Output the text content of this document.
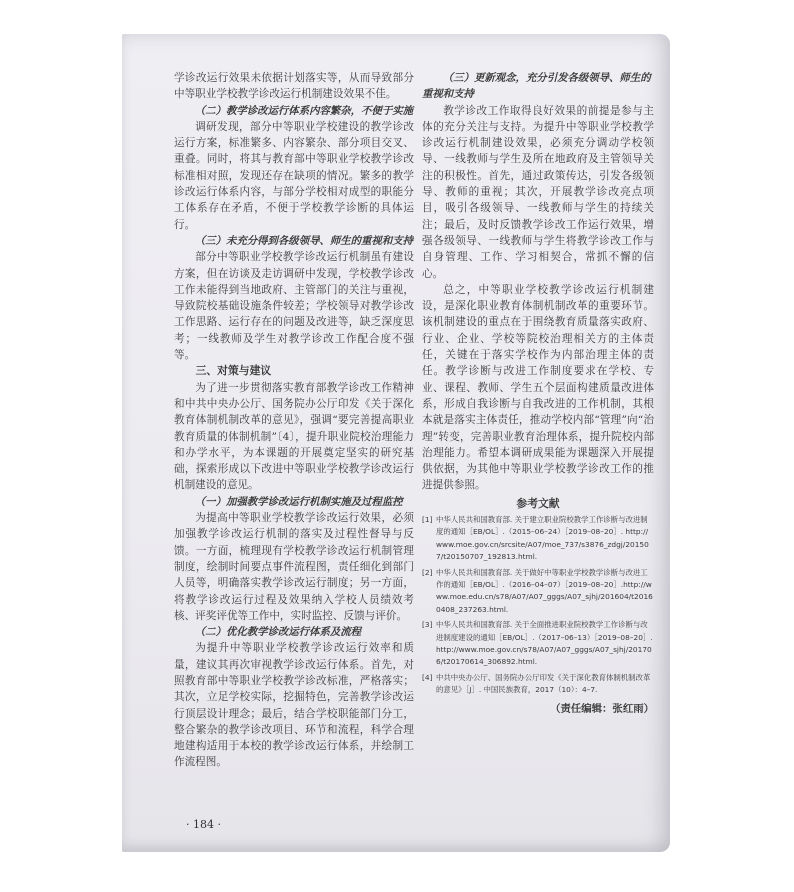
学诊改运行效果未依据计划落实等，从而导致部分中等职业学校教学诊改运行机制建设效果不佳。
（二）教学诊改运行体系内容繁杂，不便于实施
调研发现，部分中等职业学校建设的教学诊改运行方案，标准繁多、内容繁杂、部分项目交叉、重叠。同时，将其与教育部中等职业学校教学诊改标准相对照，发现还存在缺项的情况。繁多的教学诊改运行体系内容，与部分学校相对成型的职能分工体系存在矛盾，不便于学校教学诊断的具体运行。
（三）未充分得到各级领导、师生的重视和支持
部分中等职业学校教学诊改运行机制虽有建设方案，但在访谈及走访调研中发现，学校教学诊改工作未能得到当地政府、主管部门的关注与重视，导致院校基础设施条件较差；学校领导对教学诊改工作思路、运行存在的问题及改进等，缺乏深度思考；一线教师及学生对教学诊改工作配合度不强等。
三、对策与建议
为了进一步贯彻落实教育部教学诊改工作精神和中共中央办公厅、国务院办公厅印发《关于深化教育体制机制改革的意见》，强调“要完善提高职业教育质量的体制机制”〔4〕，提升职业院校治理能力和办学水平，为本课题的开展奠定坚实的研究基础，探索形成以下改进中等职业学校教学诊改运行机制建设的意见。
（一）加强教学诊改运行机制实施及过程监控
为提高中等职业学校教学诊改运行效果，必须加强教学诊改运行机制的落实及过程性督导与反馈。一方面，梳理现有学校教学诊改运行机制管理制度，绘制时间要点事件流程图，责任细化到部门人员等，明确落实教学诊改运行制度；另一方面，将教学诊改运行过程及效果纳入学校人员绩效考核、评奖评优等工作中，实时监控、反馈与评价。
（二）优化教学诊改运行体系及流程
为提升中等职业学校教学诊改运行效率和质量，建议其再次审视教学诊改运行体系。首先，对照教育部中等职业学校教学诊改标准，严格落实；其次，立足学校实际，挖掘特色，完善教学诊改运行顶层设计理念；最后，结合学校职能部门分工，整合繁杂的教学诊改项目、环节和流程，科学合理地建构适用于本校的教学诊改运行体系，并绘制工作流程图。
（三）更新观念，充分引发各级领导、师生的重视和支持
教学诊改工作取得良好效果的前提是参与主体的充分关注与支持。为提升中等职业学校教学诊改运行机制建设效果，必须充分调动学校领导、一线教师与学生及所在地政府及主管领导关注的积极性。首先，通过政策传达，引发各级领导、教师的重视；其次，开展教学诊改亮点项目，吸引各级领导、一线教师与学生的持续关注；最后，及时反馈教学诊改工作运行效果，增强各级领导、一线教师与学生将教学诊改工作与自身管理、工作、学习相契合，常抓不懈的信心。
总之，中等职业学校教学诊改运行机制建设，是深化职业教育体制机制改革的重要环节。该机制建设的重点在于围绕教育质量落实政府、行业、企业、学校等院校治理相关方的主体责任，关键在于落实学校作为内部治理主体的责任。教学诊断与改进工作制度要求在学校、专业、课程、教师、学生五个层面构建质量改进体系，形成自我诊断与自我改进的工作机制，其根本就是落实主体责任，推动学校内部“管理”向“治理”转变，完善职业教育治理体系，提升院校内部治理能力。希望本调研成果能为课题深入开展提供依据，为其他中等职业学校教学诊改工作的推进提供参照。
参考文献
[1] 中华人民共和国教育部. 关于建立职业院校教学工作诊断与改进制度的通知［EB/OL］.（2015–06–24）［2019–08–20］. http://www.moe.gov.cn/srcsite/A07/moe_737/s3876_zdgj/201507/t20150707_192813.html.
[2] 中华人民共和国教育部. 关于做好中等职业学校教学诊断与改进工作的通知［EB/OL］.（2016–04–07）［2019–08–20］.http://www.moe.edu.cn/s78/A07/A07_gggs/A07_sjhj/201604/t20160408_237263.html.
[3] 中华人民共和国教育部. 关于全面推进职业院校教学工作诊断与改进制度建设的通知［EB/OL］.（2017–06–13）［2019–08–20］.http://www.moe.gov.cn/s78/A07/A07_gggs/A07_sjhj/201706/t20170614_306892.html.
[4] 中共中央办公厅、国务院办公厅印发《关于深化教育体制机制改革的意见》［J］. 中国民族教育，2017（10）：4–7.
（责任编辑：张红雨）
· 184 ·
